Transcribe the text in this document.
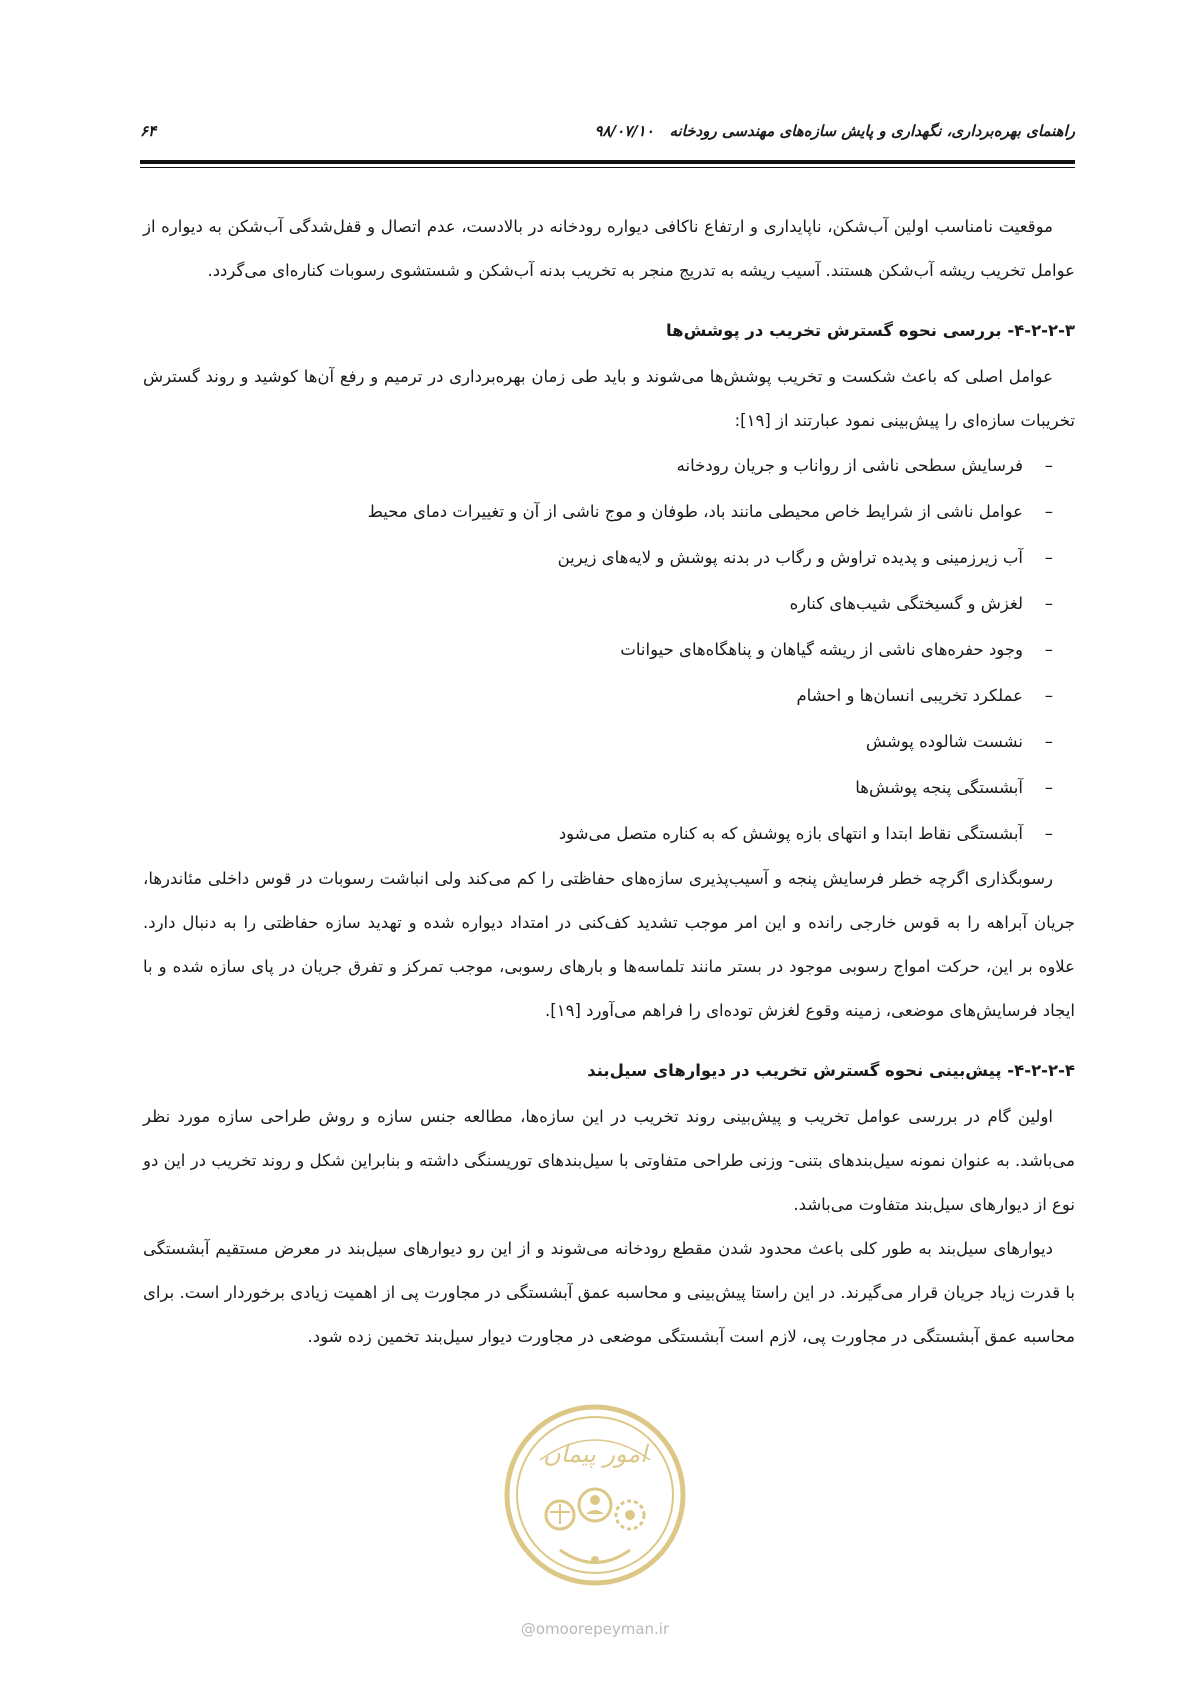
راهنمای بهره‌برداری، نگهداری و پایش سازه‌های مهندسی رودخانه   ۹۸/۰۷/۱۰
۶۴

موقعیت نامناسب اولین آب‌شکن، ناپایداری و ارتفاع ناکافی دیواره رودخانه در بالادست، عدم اتصال و قفل‌شدگی آب‌شکن به دیواره از عوامل تخریب ریشه آب‌شکن هستند. آسیب ریشه به تدریج منجر به تخریب بدنه آب‌شکن و شستشوی رسوبات کناره‌ای می‌گردد.

۴-۲-۲-۳- بررسی نحوه گسترش تخریب در پوشش‌ها

عوامل اصلی که باعث شکست و تخریب پوشش‌ها می‌شوند و باید طی زمان بهره‌برداری در ترمیم و رفع آن‌ها کوشید و روند گسترش تخریبات سازه‌ای را پیش‌بینی نمود عبارتند از [۱۹]:

– فرسایش سطحی ناشی از رواناب و جریان رودخانه
– عوامل ناشی از شرایط خاص محیطی مانند باد، طوفان و موج ناشی از آن و تغییرات دمای محیط
– آب زیرزمینی و پدیده تراوش و رگاب در بدنه پوشش و لایه‌های زیرین
– لغزش و گسیختگی شیب‌های کناره
– وجود حفره‌های ناشی از ریشه گیاهان و پناهگاه‌های حیوانات
– عملکرد تخریبی انسان‌ها و احشام
– نشست شالوده پوشش
– آبشستگی پنجه پوشش‌ها
– آبشستگی نقاط ابتدا و انتهای بازه پوشش که به کناره متصل می‌شود

رسوبگذاری اگرچه خطر فرسایش پنجه و آسیب‌پذیری سازه‌های حفاظتی را کم می‌کند ولی انباشت رسوبات در قوس داخلی مئاندرها، جریان آبراهه را به قوس خارجی رانده و این امر موجب تشدید کف‌کنی در امتداد دیواره شده و تهدید سازه حفاظتی را به دنبال دارد. علاوه بر این، حرکت امواج رسوبی موجود در بستر مانند تلماسه‌ها و بارهای رسوبی، موجب تمرکز و تفرق جریان در پای سازه شده و با ایجاد فرسایش‌های موضعی، زمینه وقوع لغزش توده‌ای را فراهم می‌آورد [۱۹].

۴-۲-۲-۴- پیش‌بینی نحوه گسترش تخریب در دیوارهای سیل‌بند

اولین گام در بررسی عوامل تخریب و پیش‌بینی روند تخریب در این سازه‌ها، مطالعه جنس سازه و روش طراحی سازه مورد نظر می‌باشد. به عنوان نمونه سیل‌بندهای بتنی- وزنی طراحی متفاوتی با سیل‌بندهای توریسنگی داشته و بنابراین شکل و روند تخریب در این دو نوع از دیوارهای سیل‌بند متفاوت می‌باشد.

دیوارهای سیل‌بند به طور کلی باعث محدود شدن مقطع رودخانه می‌شوند و از این رو دیوارهای سیل‌بند در معرض مستقیم آبشستگی با قدرت زیاد جریان قرار می‌گیرند. در این راستا پیش‌بینی و محاسبه عمق آبشستگی در مجاورت پی از اهمیت زیادی برخوردار است. برای محاسبه عمق آبشستگی در مجاورت پی، لازم است آبشستگی موضعی در مجاورت دیوار سیل‌بند تخمین زده شود.

امور پیمان
@omoorepeyman.ir
